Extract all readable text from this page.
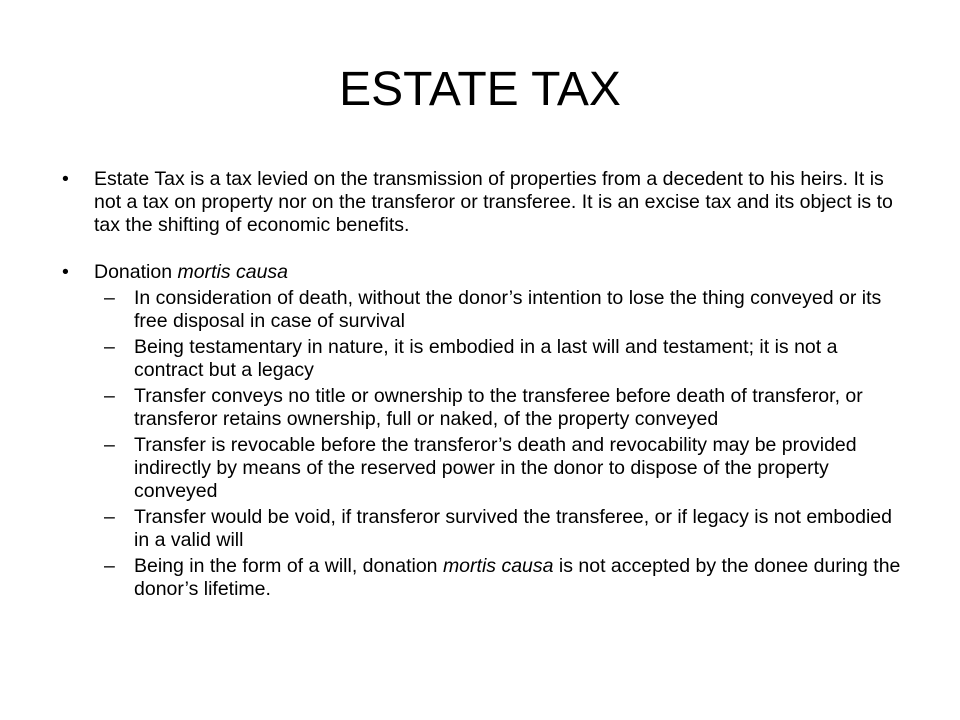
ESTATE TAX
• Estate Tax is a tax levied on the transmission of properties from a decedent to his heirs. It is not a tax on property nor on the transferor or transferee. It is an excise tax and its object is to tax the shifting of economic benefits.
• Donation mortis causa
– In consideration of death, without the donor’s intention to lose the thing conveyed or its free disposal in case of survival
– Being testamentary in nature, it is embodied in a last will and testament; it is not a contract but a legacy
– Transfer conveys no title or ownership to the transferee before death of transferor, or transferor retains ownership, full or naked, of the property conveyed
– Transfer is revocable before the transferor’s death and revocability may be provided indirectly by means of the reserved power in the donor to dispose of the property conveyed
– Transfer would be void, if transferor survived the transferee, or if legacy is not embodied in a valid will
– Being in the form of a will, donation mortis causa is not accepted by the donee during the donor’s lifetime.
